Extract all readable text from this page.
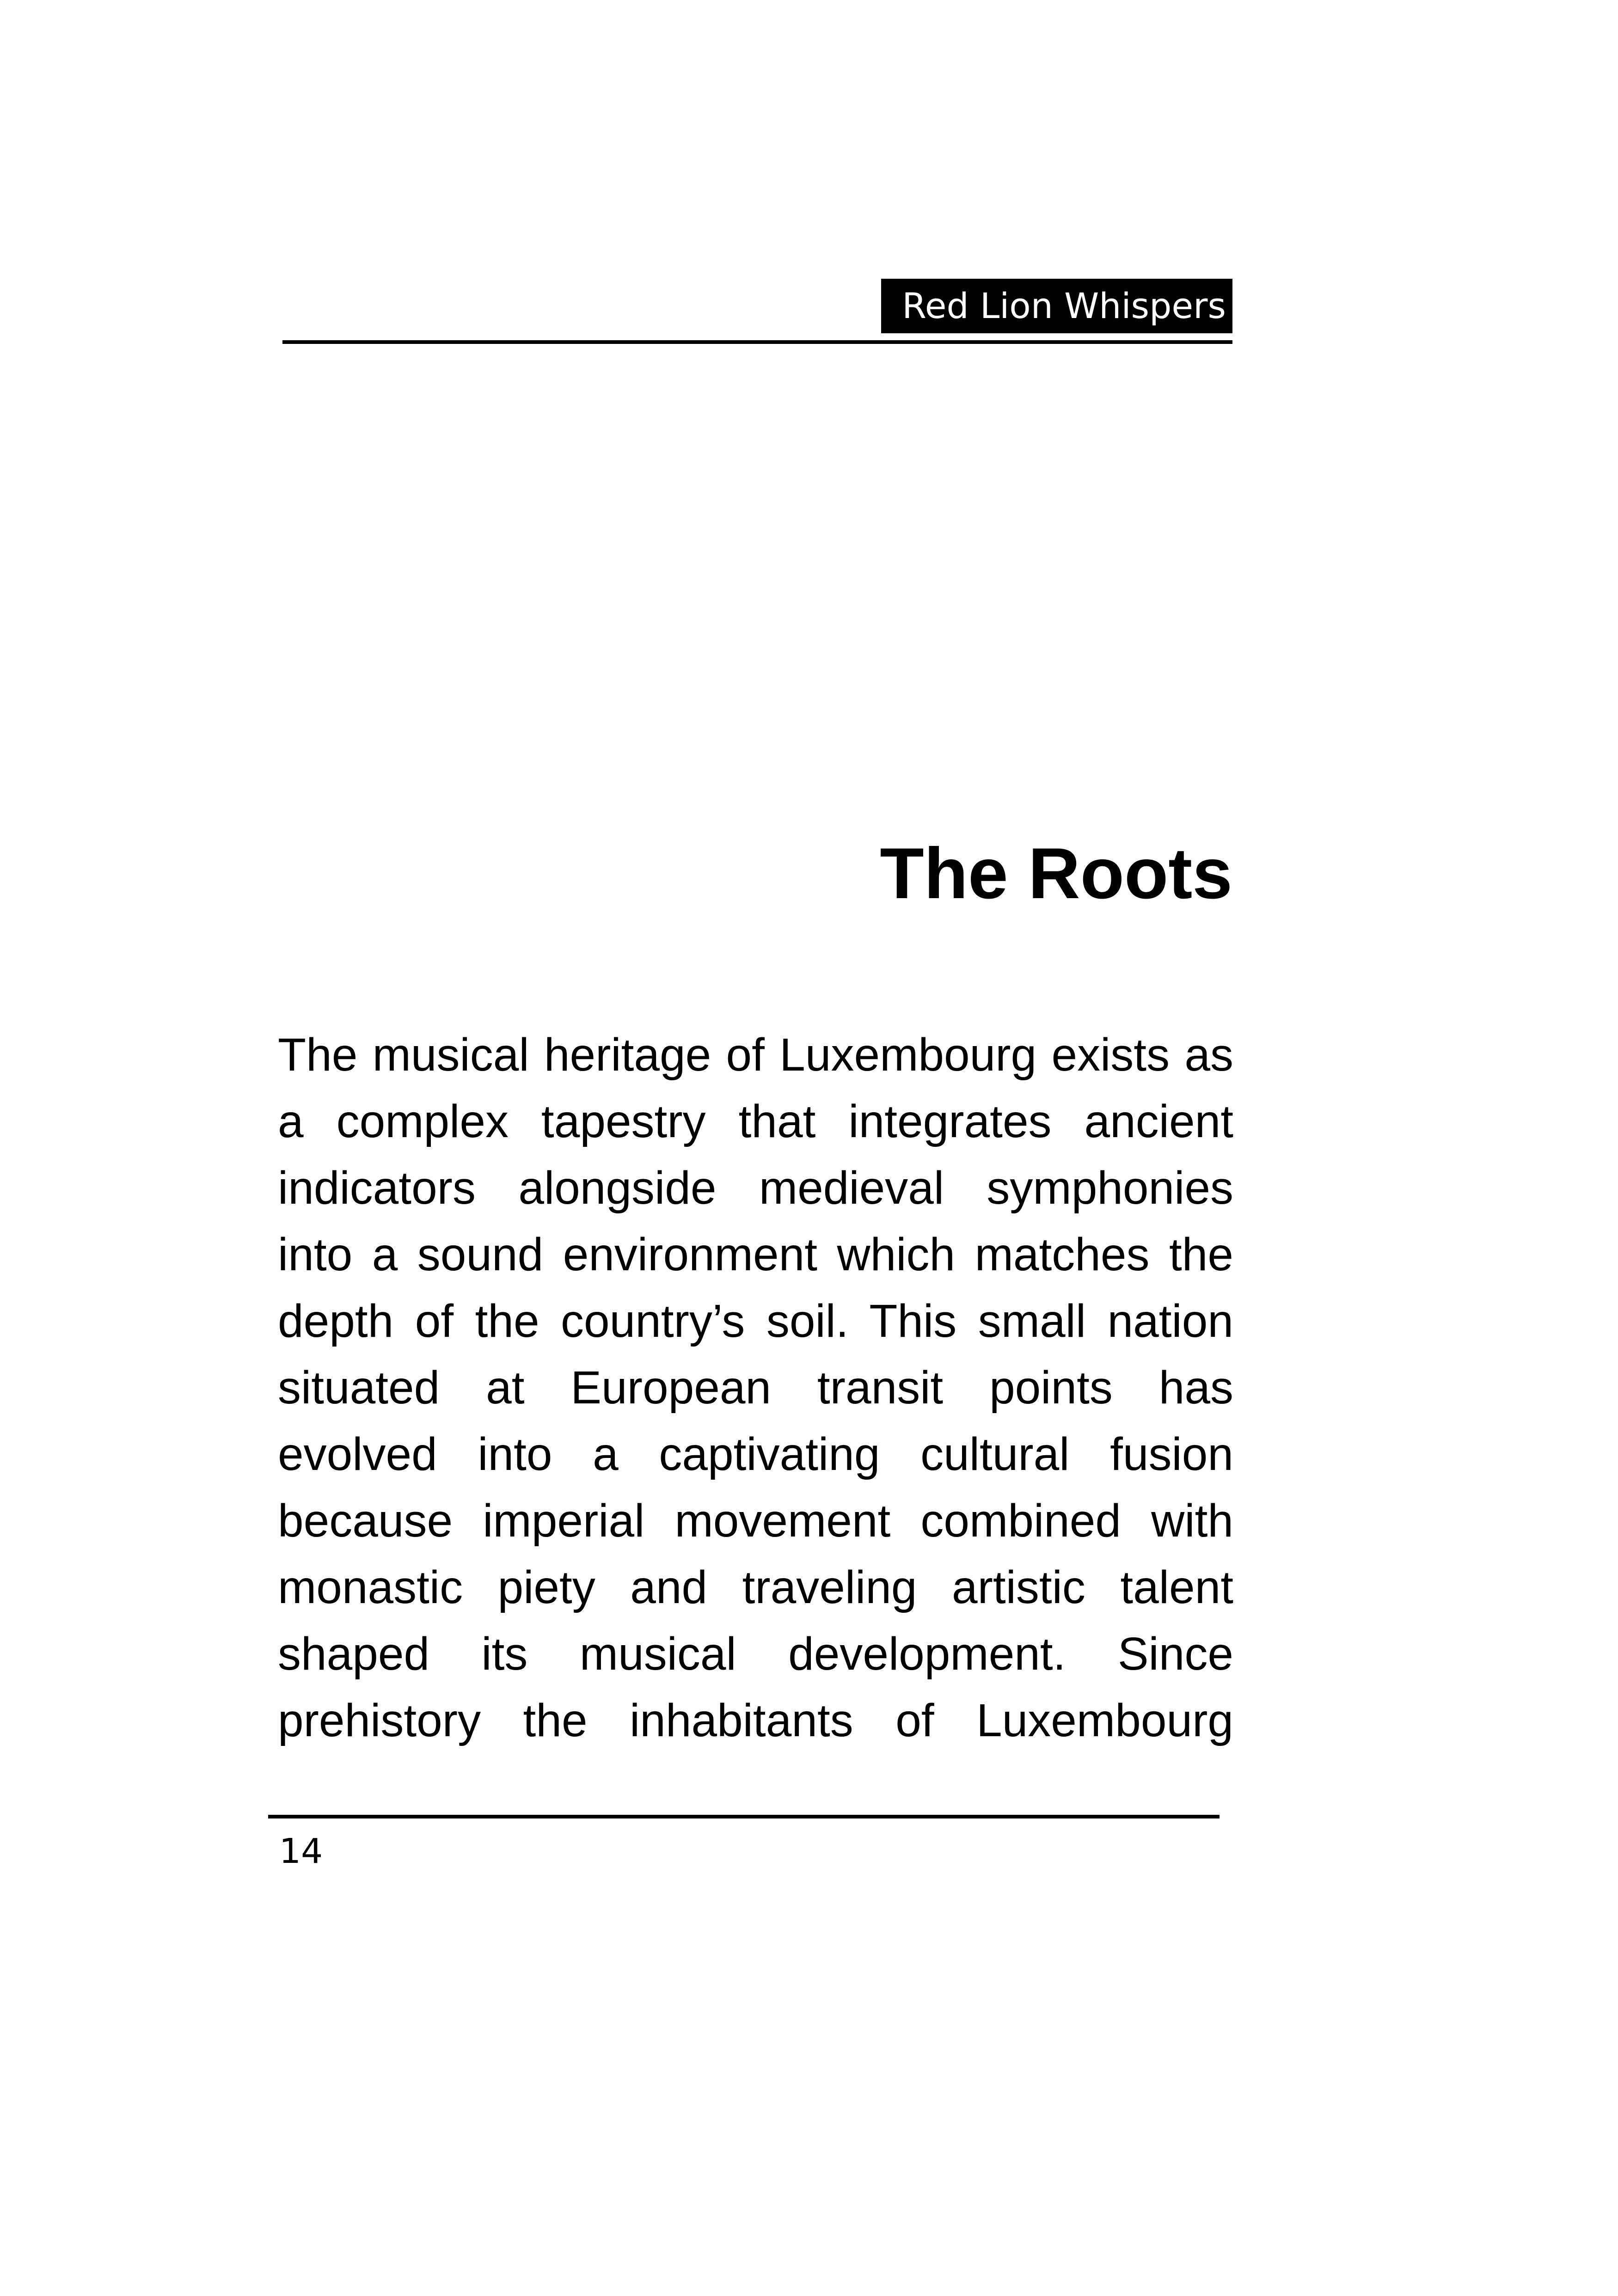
Red Lion Whispers
The Roots
The musical heritage of Luxembourg exists as
a complex tapestry that integrates ancient
indicators alongside medieval symphonies
into a sound environment which matches the
depth of the country’s soil. This small nation
situated at European transit points has
evolved into a captivating cultural fusion
because imperial movement combined with
monastic piety and traveling artistic talent
shaped its musical development. Since
prehistory the inhabitants of Luxembourg
14
